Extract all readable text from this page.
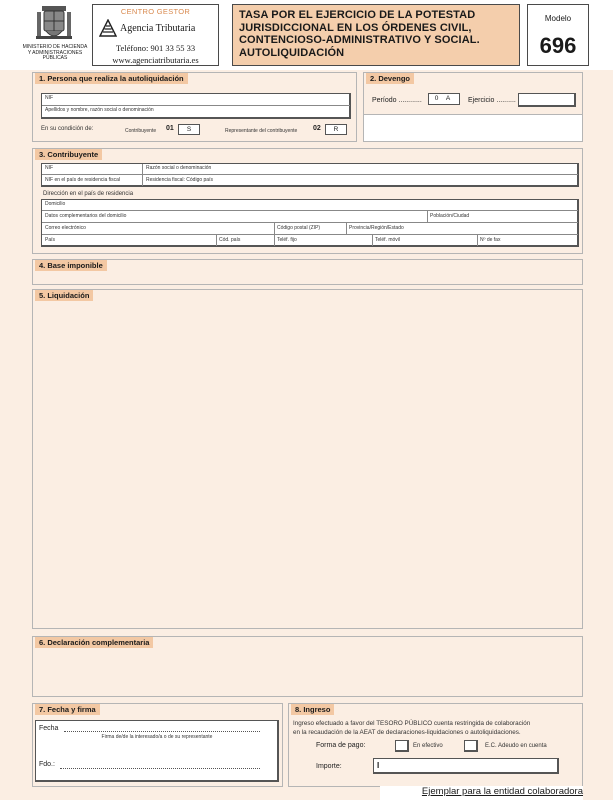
MINISTERIO DE HACIENDA
Y ADMINISTRACIONES
PÚBLICAS
CENTRO GESTOR
Agencia Tributaria
Teléfono: 901 33 55 33
www.agenciatributaria.es
TASA POR EL EJERCICIO DE LA POTESTAD
JURISDICCIONAL EN LOS ÓRDENES CIVIL,
CONTENCIOSO-ADMINISTRATIVO Y SOCIAL.
AUTOLIQUIDACIÓN
Modelo
696
1. Persona que realiza la autoliquidación
NIF
Apellidos y nombre, razón social o denominación
En su condición de:	Contribuyente 01	S	Representante del contribuyente 02	R
2. Devengo
Período ............	0 A	Ejercicio ..........
3. Contribuyente
NIF	Razón social o denominación
NIF en el país de residencia fiscal	Residencia fiscal: Código país
Dirección en el país de residencia
Domicilio
Datos complementarios del domicilio	Población/Ciudad
Correo electrónico	Código postal (ZIP)	Provincia/Región/Estado
País	Cód. país	Teléf. fijo	Teléf. móvil	Nº de fax
4. Base imponible
5. Liquidación
6. Declaración complementaria
7. Fecha y firma
Fecha
Firma de/de la interesado/a o de su representante
Fdo.:
8. Ingreso
Ingreso efectuado a favor del TESORO PÚBLICO cuenta restringida de colaboración
en la recaudación de la AEAT de declaraciones-liquidaciones o autoliquidaciones.
Forma de pago:	En efectivo	E.C. Adeudo en cuenta
Importe:	I
Ejemplar para la entidad colaboradora
